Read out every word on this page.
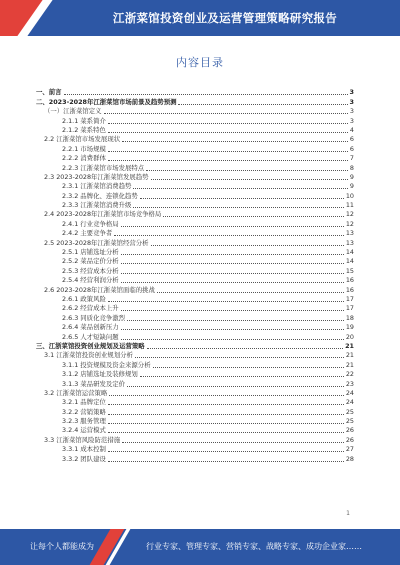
江浙菜馆投资创业及运营管理策略研究报告
内容目录
一、前言	3
二、2023-2028年江浙菜馆市场前景及趋势预测	3
（一）江浙菜馆定义	3
2.1.1 菜系简介	3
2.1.2 菜系特色	4
2.2 江浙菜馆市场发展现状	6
2.2.1 市场规模	6
2.2.2 消费群体	7
2.2.3 江浙菜馆市场发展特点	8
2.3 2023-2028年江浙菜馆发展趋势	9
2.3.1 江浙菜馆消费趋势	9
2.3.2 品牌化、连锁化趋势	10
2.3.3 江浙菜馆消费升级	11
2.4 2023-2028年江浙菜馆市场竞争格局	12
2.4.1 行业竞争格局	12
2.4.2 主要竞争者	13
2.5 2023-2028年江浙菜馆经营分析	13
2.5.1 店铺选址分析	14
2.5.2 菜品定价分析	14
2.5.3 经营成本分析	15
2.5.4 经营利润分析	16
2.6 2023-2028年江浙菜馆面临的挑战	16
2.6.1 政策风险	17
2.6.2 经营成本上升	17
2.6.3 同质化竞争激烈	18
2.6.4 菜品创新压力	19
2.6.5 人才短缺问题	20
三、江浙菜馆投资创业规划及运营策略	21
3.1 江浙菜馆投资创业规划分析	21
3.1.1 投资规模及资金来源分析	21
3.1.2 店铺选址及装修规划	22
3.1.3 菜品研发及定价	23
3.2 江浙菜馆运营策略	24
3.2.1 品牌定位	24
3.2.2 营销策略	25
3.2.3 服务管理	25
3.2.4 运营模式	26
3.3 江浙菜馆风险防范措施	26
3.3.1 成本控制	27
3.3.2 团队建设	28
1
让每个人都能成为	行业专家、管理专家、营销专家、战略专家、成功企业家……
